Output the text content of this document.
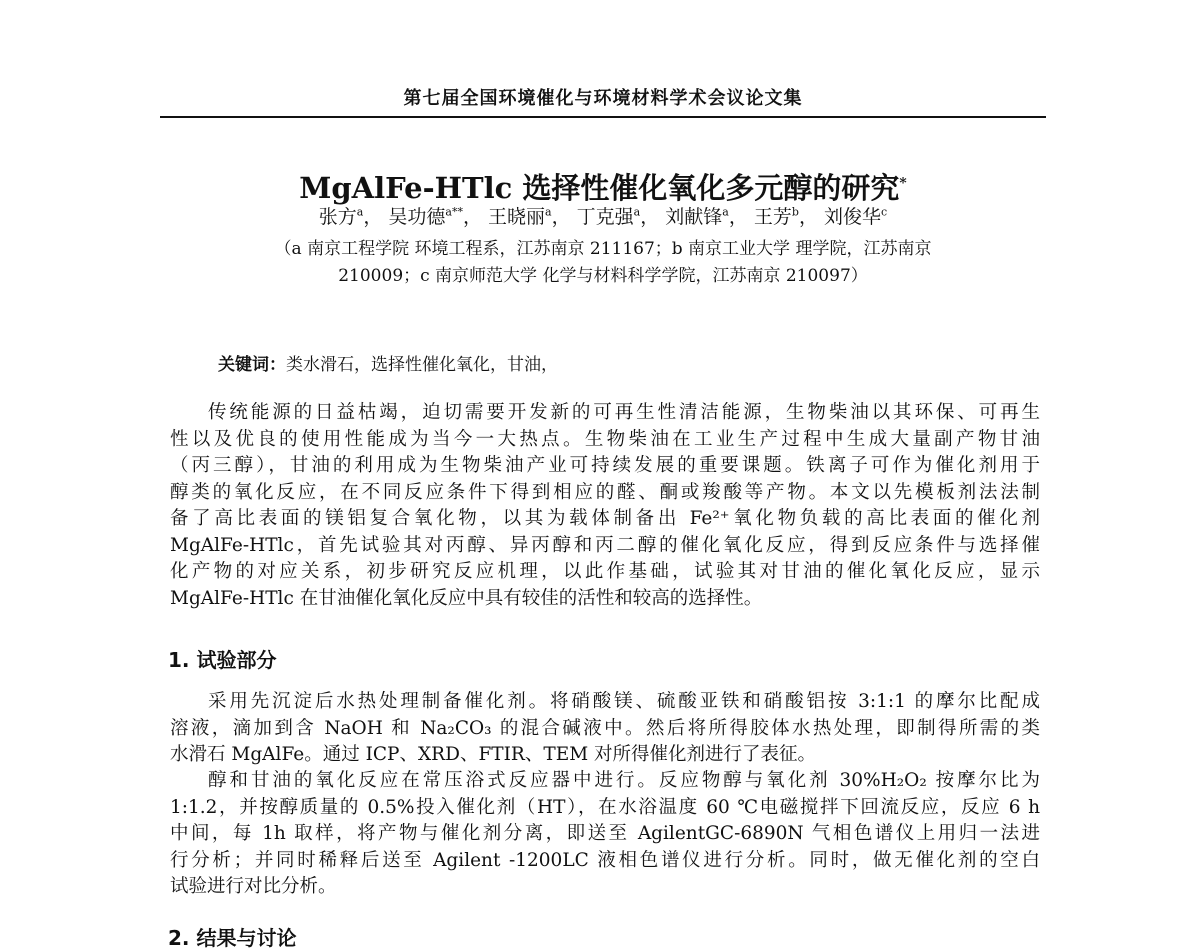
第七届全国环境催化与环境材料学术会议论文集
MgAlFe-HTlc 选择性催化氧化多元醇的研究*
张方$^a$， 吴功德$^{a**}$， 王晓丽$^a$， 丁克强$^a$， 刘献锋$^a$， 王芳$^b$， 刘俊华$^c$
（a 南京工程学院 环境工程系，江苏南京 211167；b 南京工业大学 理学院，江苏南京
210009；c 南京师范大学 化学与材料科学学院，江苏南京 210097）
关键词：类水滑石，选择性催化氧化，甘油，
传统能源的日益枯竭，迫切需要开发新的可再生性清洁能源，生物柴油以其环保、可再生
性以及优良的使用性能成为当今一大热点。生物柴油在工业生产过程中生成大量副产物甘油
（丙三醇），甘油的利用成为生物柴油产业可持续发展的重要课题。铁离子可作为催化剂用于
醇类的氧化反应，在不同反应条件下得到相应的醛、酮或羧酸等产物。本文以先模板剂法法制
备了高比表面的镁铝复合氧化物，以其为载体制备出 Fe²⁺氧化物负载的高比表面的催化剂
MgAlFe-HTlc，首先试验其对丙醇、异丙醇和丙二醇的催化氧化反应，得到反应条件与选择催
化产物的对应关系，初步研究反应机理，以此作基础，试验其对甘油的催化氧化反应，显示
MgAlFe-HTlc 在甘油催化氧化反应中具有较佳的活性和较高的选择性。
1. 试验部分
采用先沉淀后水热处理制备催化剂。将硝酸镁、硫酸亚铁和硝酸铝按 3:1:1 的摩尔比配成
溶液，滴加到含 NaOH 和 Na₂CO₃ 的混合碱液中。然后将所得胶体水热处理，即制得所需的类
水滑石 MgAlFe。通过 ICP、XRD、FTIR、TEM 对所得催化剂进行了表征。
醇和甘油的氧化反应在常压浴式反应器中进行。反应物醇与氧化剂 30%H₂O₂ 按摩尔比为
1:1.2，并按醇质量的 0.5%投入催化剂（HT），在水浴温度 60 ℃电磁搅拌下回流反应，反应 6 h
中间，每 1h 取样，将产物与催化剂分离，即送至 AgilentGC-6890N 气相色谱仪上用归一法进
行分析；并同时稀释后送至 Agilent -1200LC 液相色谱仪进行分析。同时，做无催化剂的空白
试验进行对比分析。
2. 结果与讨论
